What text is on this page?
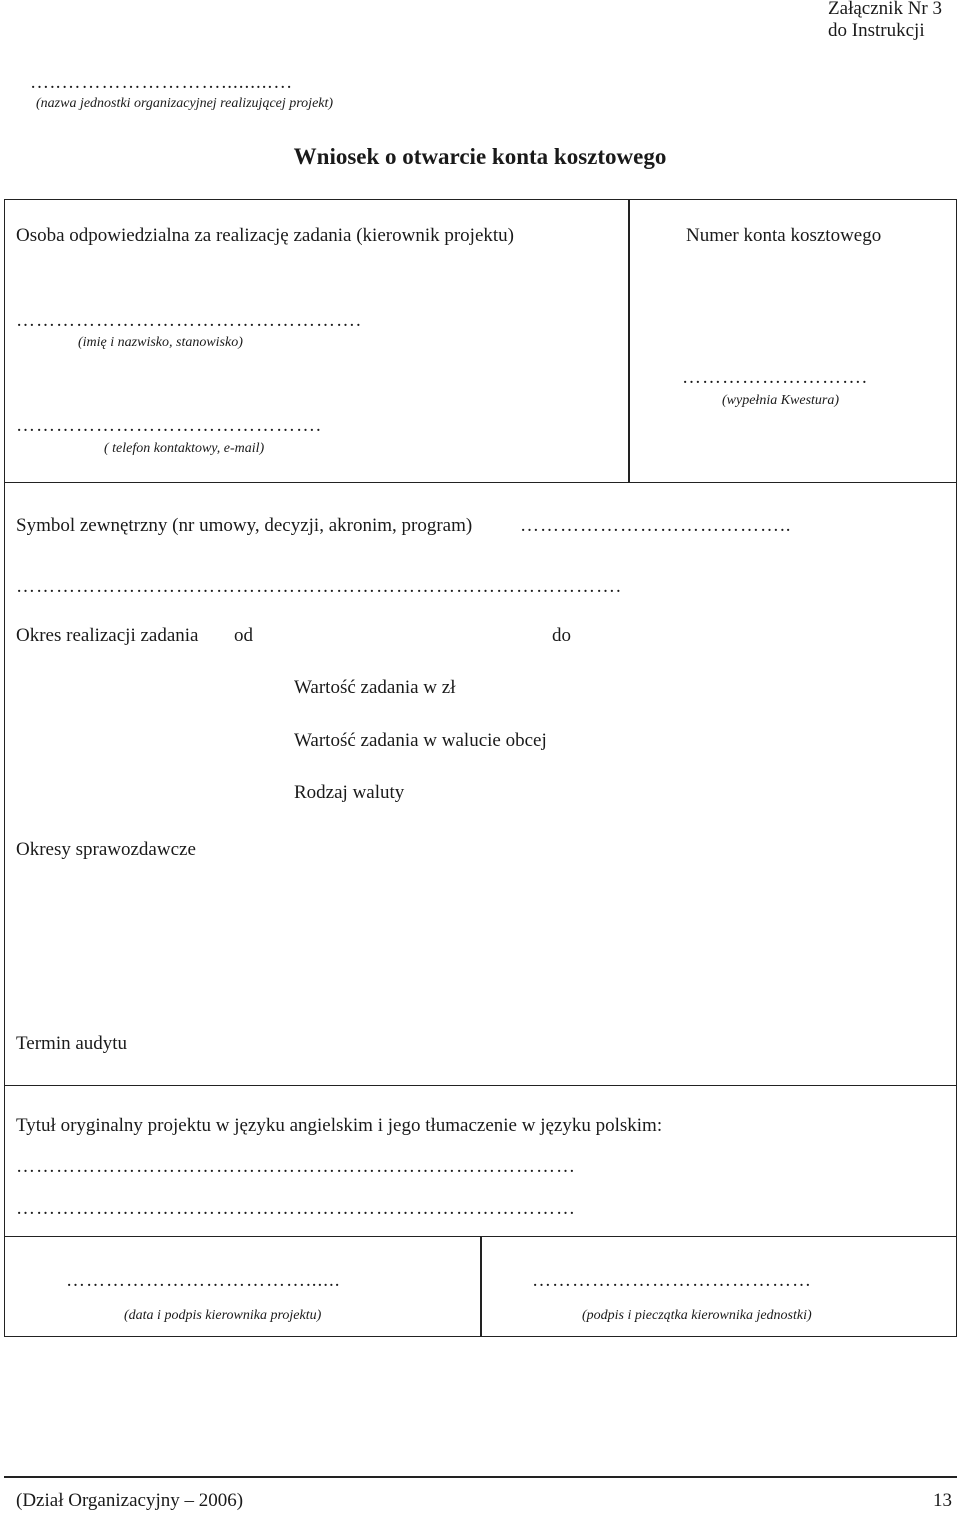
Załącznik Nr 3
do Instrukcji
…..…………………….........…
(nazwa jednostki organizacyjnej realizującej projekt)
Wniosek o otwarcie konta kosztowego
Osoba odpowiedzialna za realizację zadania (kierownik projektu)
…………………………………………….
(imię i nazwisko, stanowisko)
……………………………………….
( telefon kontaktowy, e-mail)
Numer konta kosztowego
……………………….
(wypełnia Kwestura)
Symbol zewnętrzny (nr umowy, decyzji, akronim, program)	…………………………………..
……………………………………………………………………………….
Okres realizacji zadania od	do
Wartość zadania w zł
Wartość zadania w walucie obcej
Rodzaj waluty
Okresy sprawozdawcze
Termin audytu
Tytuł oryginalny projektu w języku angielskim i jego tłumaczenie w języku polskim:
…………………………………………………………………………
…………………………………………………………………………
………………………………......
(data i podpis kierownika projektu)
……………………………………
(podpis i pieczątka kierownika jednostki)
(Dział Organizacyjny – 2006)	13
